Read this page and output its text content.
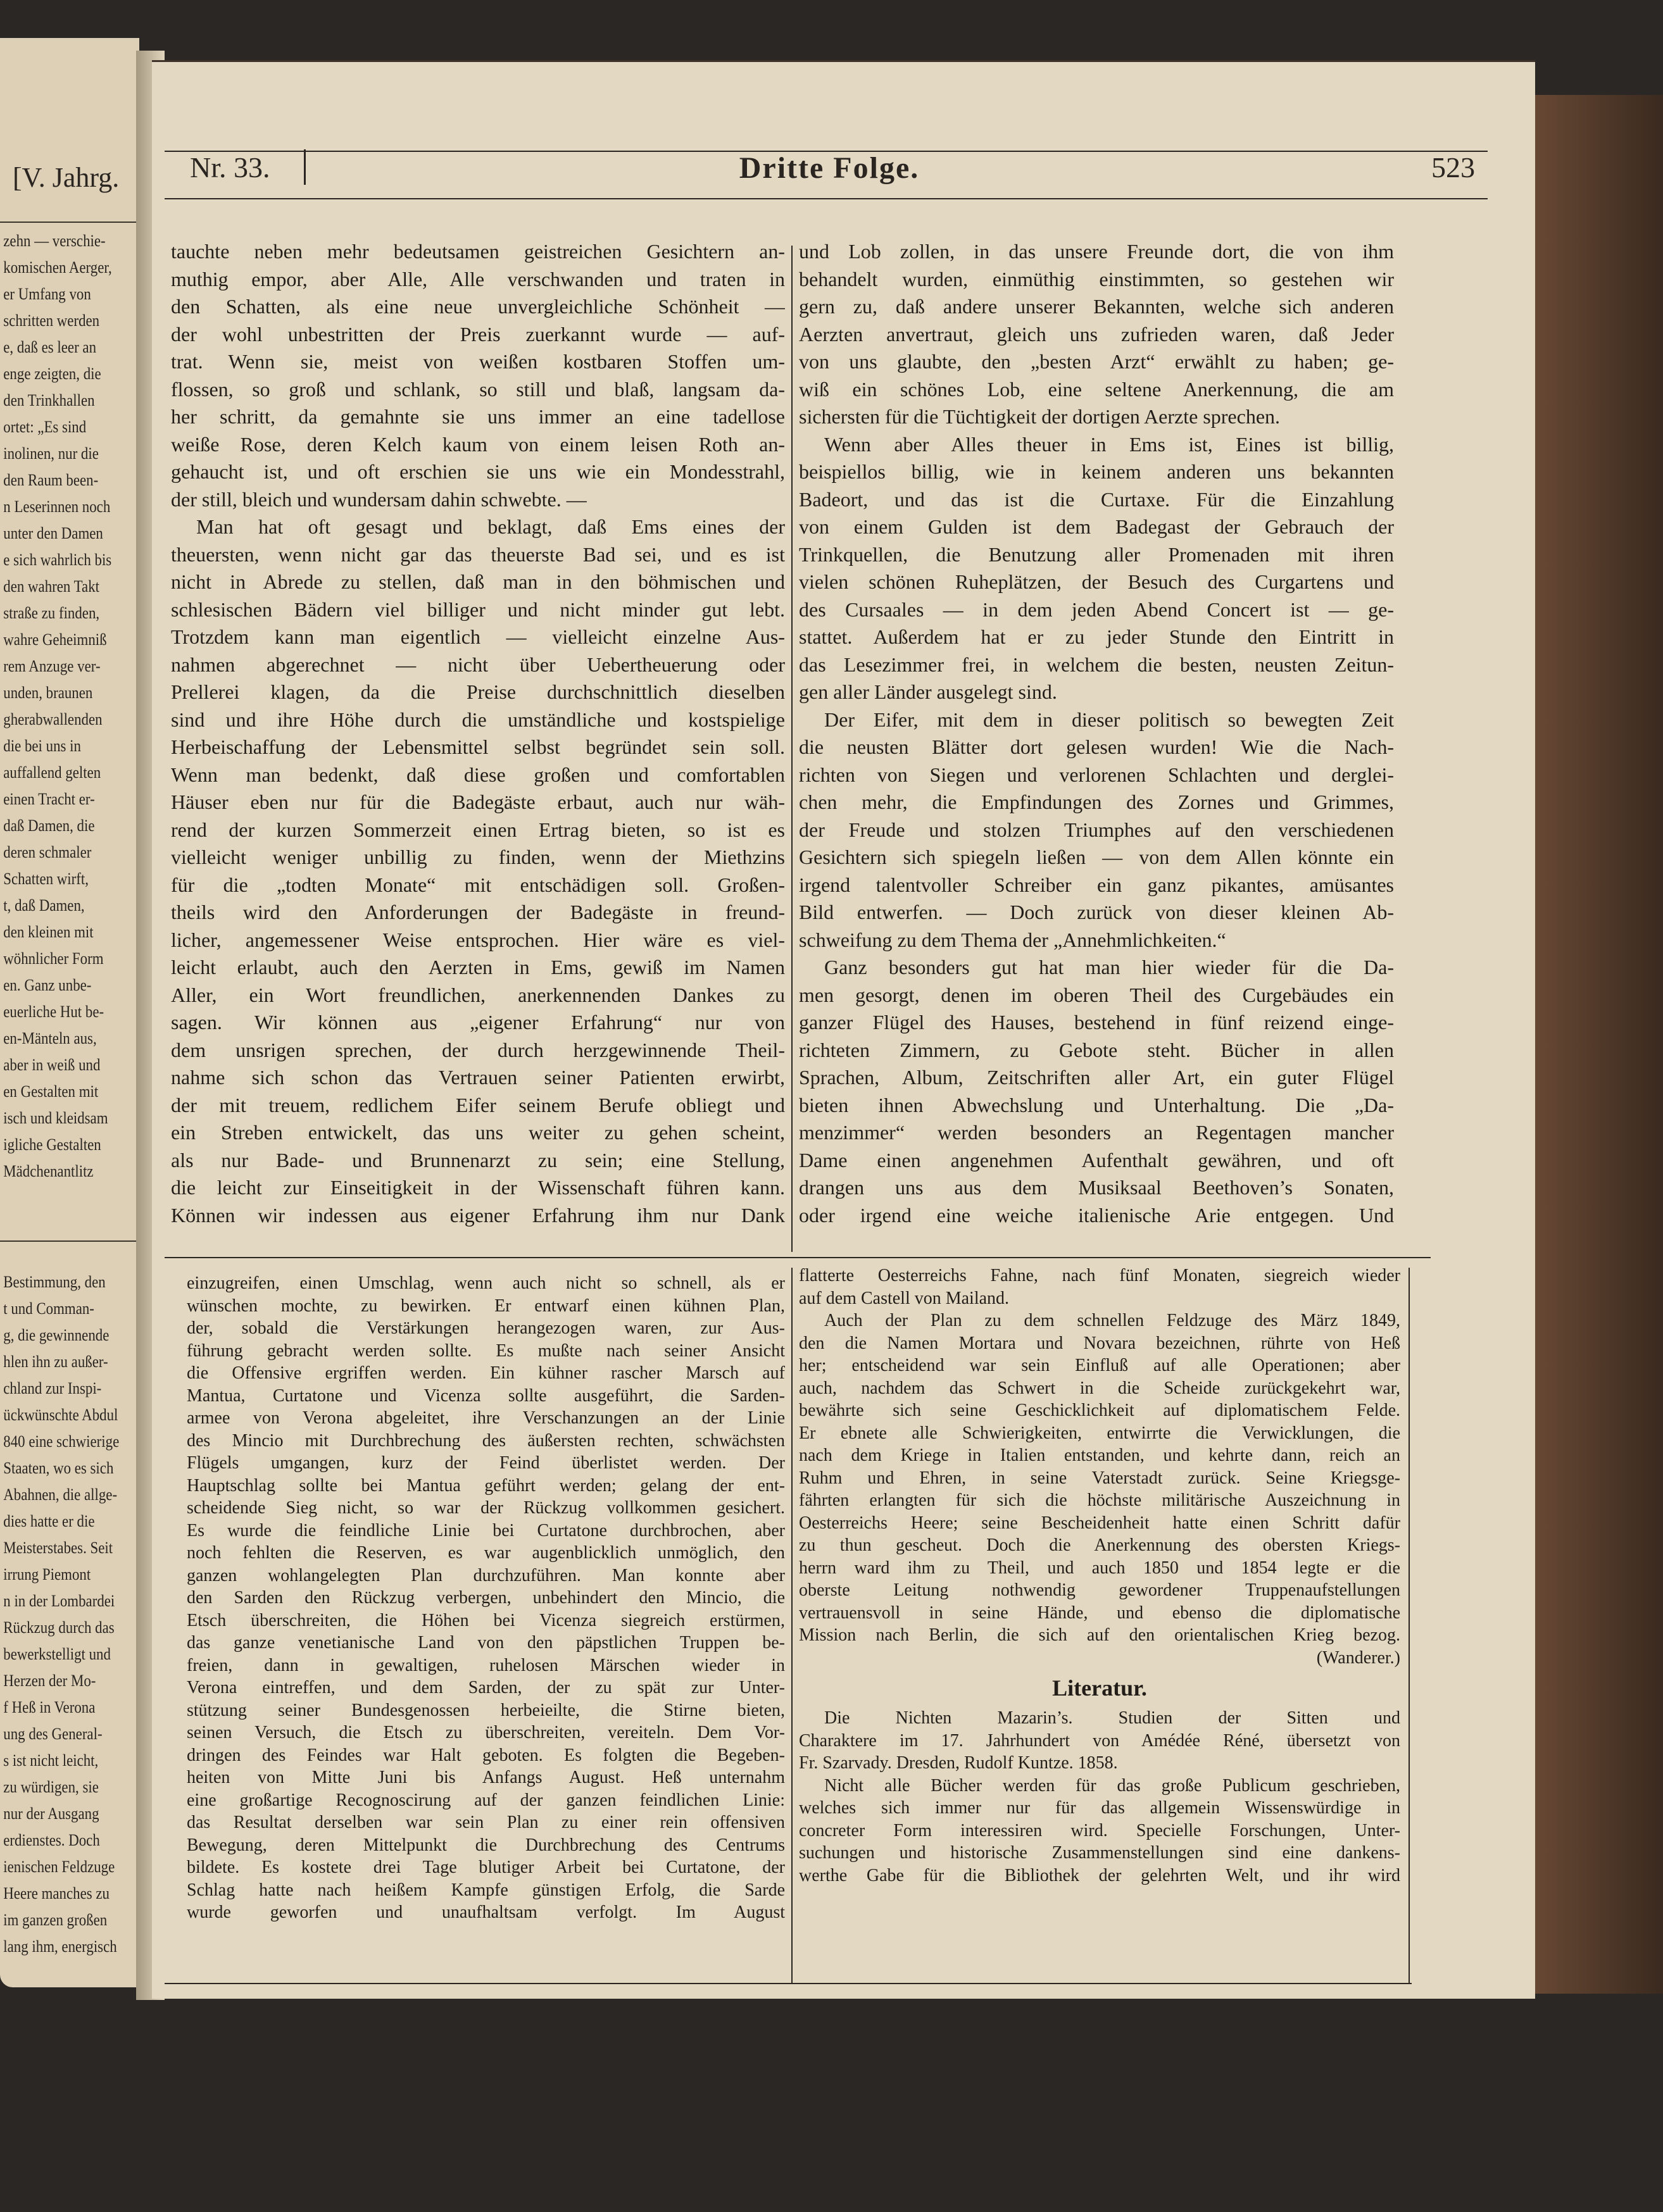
[V. Jahrg.
zehn — verschie-
komischen Aerger,
er Umfang von
schritten werden
e, daß es leer an
enge zeigten, die
den Trinkhallen
ortet: „Es sind
inolinen, nur die
den Raum been-
n Leserinnen noch
unter den Damen
e sich wahrlich bis
den wahren Takt
straße zu finden,
wahre Geheimniß
rem Anzuge ver-
unden, braunen
gherabwallenden
die bei uns in
auffallend gelten
einen Tracht er-
daß Damen, die
deren schmaler
Schatten wirft,
t, daß Damen,
den kleinen mit
wöhnlicher Form
en. Ganz unbe-
euerliche Hut be-
en-Mänteln aus,
aber in weiß und
en Gestalten mit
isch und kleidsam
igliche Gestalten
Mädchenantlitz
Bestimmung, den
t und Comman-
g, die gewinnende
hlen ihn zu außer-
chland zur Inspi-
ückwünschte Abdul
840 eine schwierige
Staaten, wo es sich
Abahnen, die allge-
dies hatte er die
Meisterstabes. Seit
irrung Piemont
n in der Lombardei
Rückzug durch das
bewerkstelligt und
Herzen der Mo-
f Heß in Verona
ung des General-
s ist nicht leicht,
zu würdigen, sie
nur der Ausgang
erdienstes. Doch
ienischen Feldzuge
Heere manches zu
im ganzen großen
lang ihm, energisch
Nr. 33.	Dritte Folge.	523

tauchte neben mehr bedeutsamen geistreichen Gesichtern an-

muthig empor, aber Alle, Alle verschwanden und traten in

den Schatten, als eine neue unvergleichliche Schönheit —

der wohl unbestritten der Preis zuerkannt wurde — auf-

trat. Wenn sie, meist von weißen kostbaren Stoffen um-

flossen, so groß und schlank, so still und blaß, langsam da-

her schritt, da gemahnte sie uns immer an eine tadellose

weiße Rose, deren Kelch kaum von einem leisen Roth an-

gehaucht ist, und oft erschien sie uns wie ein Mondesstrahl,

der still, bleich und wundersam dahin schwebte. —

Man hat oft gesagt und beklagt, daß Ems eines der

theuersten, wenn nicht gar das theuerste Bad sei, und es ist

nicht in Abrede zu stellen, daß man in den böhmischen und

schlesischen Bädern viel billiger und nicht minder gut lebt.

Trotzdem kann man eigentlich — vielleicht einzelne Aus-

nahmen abgerechnet — nicht über Uebertheuerung oder

Prellerei klagen, da die Preise durchschnittlich dieselben

sind und ihre Höhe durch die umständliche und kostspielige

Herbeischaffung der Lebensmittel selbst begründet sein soll.

Wenn man bedenkt, daß diese großen und comfortablen

Häuser eben nur für die Badegäste erbaut, auch nur wäh-

rend der kurzen Sommerzeit einen Ertrag bieten, so ist es

vielleicht weniger unbillig zu finden, wenn der Miethzins

für die „todten Monate“ mit entschädigen soll. Großen-

theils wird den Anforderungen der Badegäste in freund-

licher, angemessener Weise entsprochen. Hier wäre es viel-

leicht erlaubt, auch den Aerzten in Ems, gewiß im Namen

Aller, ein Wort freundlichen, anerkennenden Dankes zu

sagen. Wir können aus „eigener Erfahrung“ nur von

dem unsrigen sprechen, der durch herzgewinnende Theil-

nahme sich schon das Vertrauen seiner Patienten erwirbt,

der mit treuem, redlichem Eifer seinem Berufe obliegt und

ein Streben entwickelt, das uns weiter zu gehen scheint,

als nur Bade- und Brunnenarzt zu sein; eine Stellung,

die leicht zur Einseitigkeit in der Wissenschaft führen kann.

Können wir indessen aus eigener Erfahrung ihm nur Dank

und Lob zollen, in das unsere Freunde dort, die von ihm

behandelt wurden, einmüthig einstimmten, so gestehen wir

gern zu, daß andere unserer Bekannten, welche sich anderen

Aerzten anvertraut, gleich uns zufrieden waren, daß Jeder

von uns glaubte, den „besten Arzt“ erwählt zu haben; ge-

wiß ein schönes Lob, eine seltene Anerkennung, die am

sichersten für die Tüchtigkeit der dortigen Aerzte sprechen.

Wenn aber Alles theuer in Ems ist, Eines ist billig,

beispiellos billig, wie in keinem anderen uns bekannten

Badeort, und das ist die Curtaxe. Für die Einzahlung

von einem Gulden ist dem Badegast der Gebrauch der

Trinkquellen, die Benutzung aller Promenaden mit ihren

vielen schönen Ruheplätzen, der Besuch des Curgartens und

des Cursaales — in dem jeden Abend Concert ist — ge-

stattet. Außerdem hat er zu jeder Stunde den Eintritt in

das Lesezimmer frei, in welchem die besten, neusten Zeitun-

gen aller Länder ausgelegt sind.

Der Eifer, mit dem in dieser politisch so bewegten Zeit

die neusten Blätter dort gelesen wurden! Wie die Nach-

richten von Siegen und verlorenen Schlachten und derglei-

chen mehr, die Empfindungen des Zornes und Grimmes,

der Freude und stolzen Triumphes auf den verschiedenen

Gesichtern sich spiegeln ließen — von dem Allen könnte ein

irgend talentvoller Schreiber ein ganz pikantes, amüsantes

Bild entwerfen. — Doch zurück von dieser kleinen Ab-

schweifung zu dem Thema der „Annehmlichkeiten.“

Ganz besonders gut hat man hier wieder für die Da-

men gesorgt, denen im oberen Theil des Curgebäudes ein

ganzer Flügel des Hauses, bestehend in fünf reizend einge-

richteten Zimmern, zu Gebote steht. Bücher in allen

Sprachen, Album, Zeitschriften aller Art, ein guter Flügel

bieten ihnen Abwechslung und Unterhaltung. Die „Da-

menzimmer“ werden besonders an Regentagen mancher

Dame einen angenehmen Aufenthalt gewähren, und oft

drangen uns aus dem Musiksaal Beethoven’s Sonaten,

oder irgend eine weiche italienische Arie entgegen. Und

einzugreifen, einen Umschlag, wenn auch nicht so schnell, als er

wünschen mochte, zu bewirken. Er entwarf einen kühnen Plan,

der, sobald die Verstärkungen herangezogen waren, zur Aus-

führung gebracht werden sollte. Es mußte nach seiner Ansicht

die Offensive ergriffen werden. Ein kühner rascher Marsch auf

Mantua, Curtatone und Vicenza sollte ausgeführt, die Sarden-

armee von Verona abgeleitet, ihre Verschanzungen an der Linie

des Mincio mit Durchbrechung des äußersten rechten, schwächsten

Flügels umgangen, kurz der Feind überlistet werden. Der

Hauptschlag sollte bei Mantua geführt werden; gelang der ent-

scheidende Sieg nicht, so war der Rückzug vollkommen gesichert.

Es wurde die feindliche Linie bei Curtatone durchbrochen, aber

noch fehlten die Reserven, es war augenblicklich unmöglich, den

ganzen wohlangelegten Plan durchzuführen. Man konnte aber

den Sarden den Rückzug verbergen, unbehindert den Mincio, die

Etsch überschreiten, die Höhen bei Vicenza siegreich erstürmen,

das ganze venetianische Land von den päpstlichen Truppen be-

freien, dann in gewaltigen, ruhelosen Märschen wieder in

Verona eintreffen, und dem Sarden, der zu spät zur Unter-

stützung seiner Bundesgenossen herbeieilte, die Stirne bieten,

seinen Versuch, die Etsch zu überschreiten, vereiteln. Dem Vor-

dringen des Feindes war Halt geboten. Es folgten die Begeben-

heiten von Mitte Juni bis Anfangs August. Heß unternahm

eine großartige Recognoscirung auf der ganzen feindlichen Linie:

das Resultat derselben war sein Plan zu einer rein offensiven

Bewegung, deren Mittelpunkt die Durchbrechung des Centrums

bildete. Es kostete drei Tage blutiger Arbeit bei Curtatone, der

Schlag hatte nach heißem Kampfe günstigen Erfolg, die Sarde

wurde geworfen und unaufhaltsam verfolgt. Im August

flatterte Oesterreichs Fahne, nach fünf Monaten, siegreich wieder

auf dem Castell von Mailand.

Auch der Plan zu dem schnellen Feldzuge des März 1849,

den die Namen Mortara und Novara bezeichnen, rührte von Heß

her; entscheidend war sein Einfluß auf alle Operationen; aber

auch, nachdem das Schwert in die Scheide zurückgekehrt war,

bewährte sich seine Geschicklichkeit auf diplomatischem Felde.

Er ebnete alle Schwierigkeiten, entwirrte die Verwicklungen, die

nach dem Kriege in Italien entstanden, und kehrte dann, reich an

Ruhm und Ehren, in seine Vaterstadt zurück. Seine Kriegsge-

fährten erlangten für sich die höchste militärische Auszeichnung in

Oesterreichs Heere; seine Bescheidenheit hatte einen Schritt dafür

zu thun gescheut. Doch die Anerkennung des obersten Kriegs-

herrn ward ihm zu Theil, und auch 1850 und 1854 legte er die

oberste Leitung nothwendig gewordener Truppenaufstellungen

vertrauensvoll in seine Hände, und ebenso die diplomatische

Mission nach Berlin, die sich auf den orientalischen Krieg bezog.

(Wanderer.)

Literatur.

Die Nichten Mazarin’s. Studien der Sitten und

Charaktere im 17. Jahrhundert von Amédée Réné, übersetzt von

Fr. Szarvady. Dresden, Rudolf Kuntze. 1858.

Nicht alle Bücher werden für das große Publicum geschrieben,

welches sich immer nur für das allgemein Wissenswürdige in

concreter Form interessiren wird. Specielle Forschungen, Unter-

suchungen und historische Zusammenstellungen sind eine dankens-

werthe Gabe für die Bibliothek der gelehrten Welt, und ihr wird
